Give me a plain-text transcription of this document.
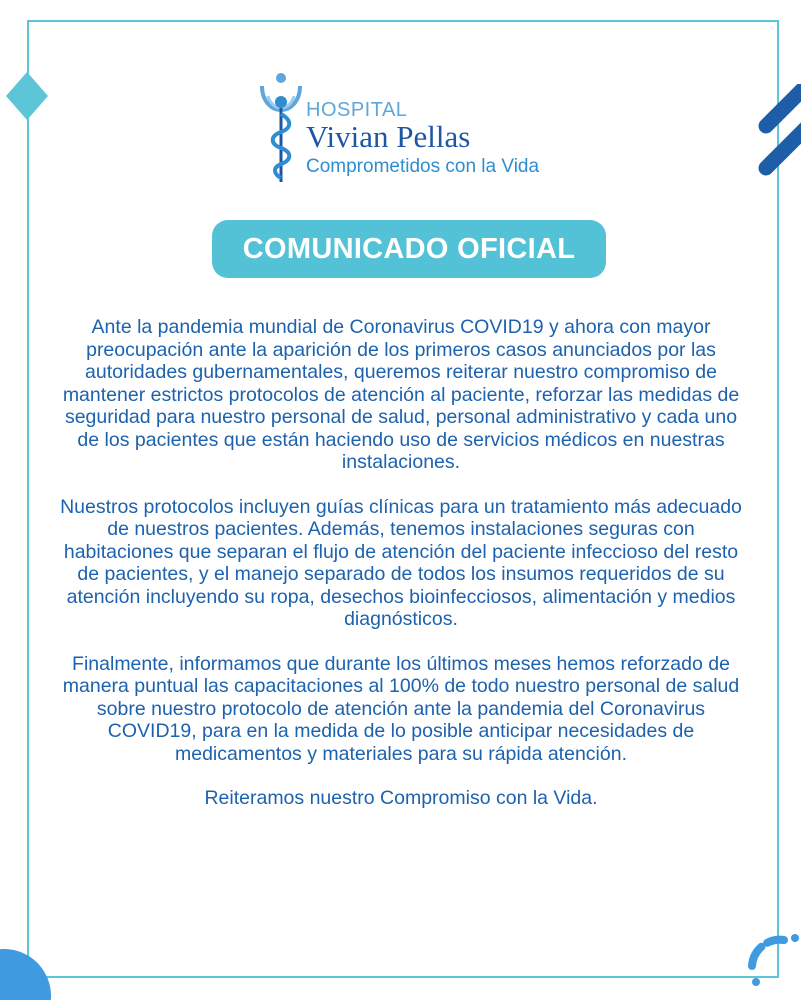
HOSPITAL
Vivian Pellas
Comprometidos con la Vida
COMUNICADO OFICIAL

Ante la pandemia mundial de Coronavirus COVID19 y ahora con mayor preocupación ante la aparición de los primeros casos anunciados por las autoridades gubernamentales, queremos reiterar nuestro compromiso de mantener estrictos protocolos de atención al paciente, reforzar las medidas de seguridad para nuestro personal de salud, personal administrativo y cada uno de los pacientes que están haciendo uso de servicios médicos en nuestras instalaciones.

Nuestros protocolos incluyen guías clínicas para un tratamiento más adecuado de nuestros pacientes. Además, tenemos instalaciones seguras con habitaciones que separan el flujo de atención del paciente infeccioso del resto de pacientes, y el manejo separado de todos los insumos requeridos de su atención incluyendo su ropa, desechos bioinfecciosos, alimentación y medios diagnósticos.

Finalmente, informamos que durante los últimos meses hemos reforzado de manera puntual las capacitaciones al 100% de todo nuestro personal de salud sobre nuestro protocolo de atención ante la pandemia del Coronavirus COVID19, para en la medida de lo posible anticipar necesidades de medicamentos y materiales para su rápida atención.

Reiteramos nuestro Compromiso con la Vida.
